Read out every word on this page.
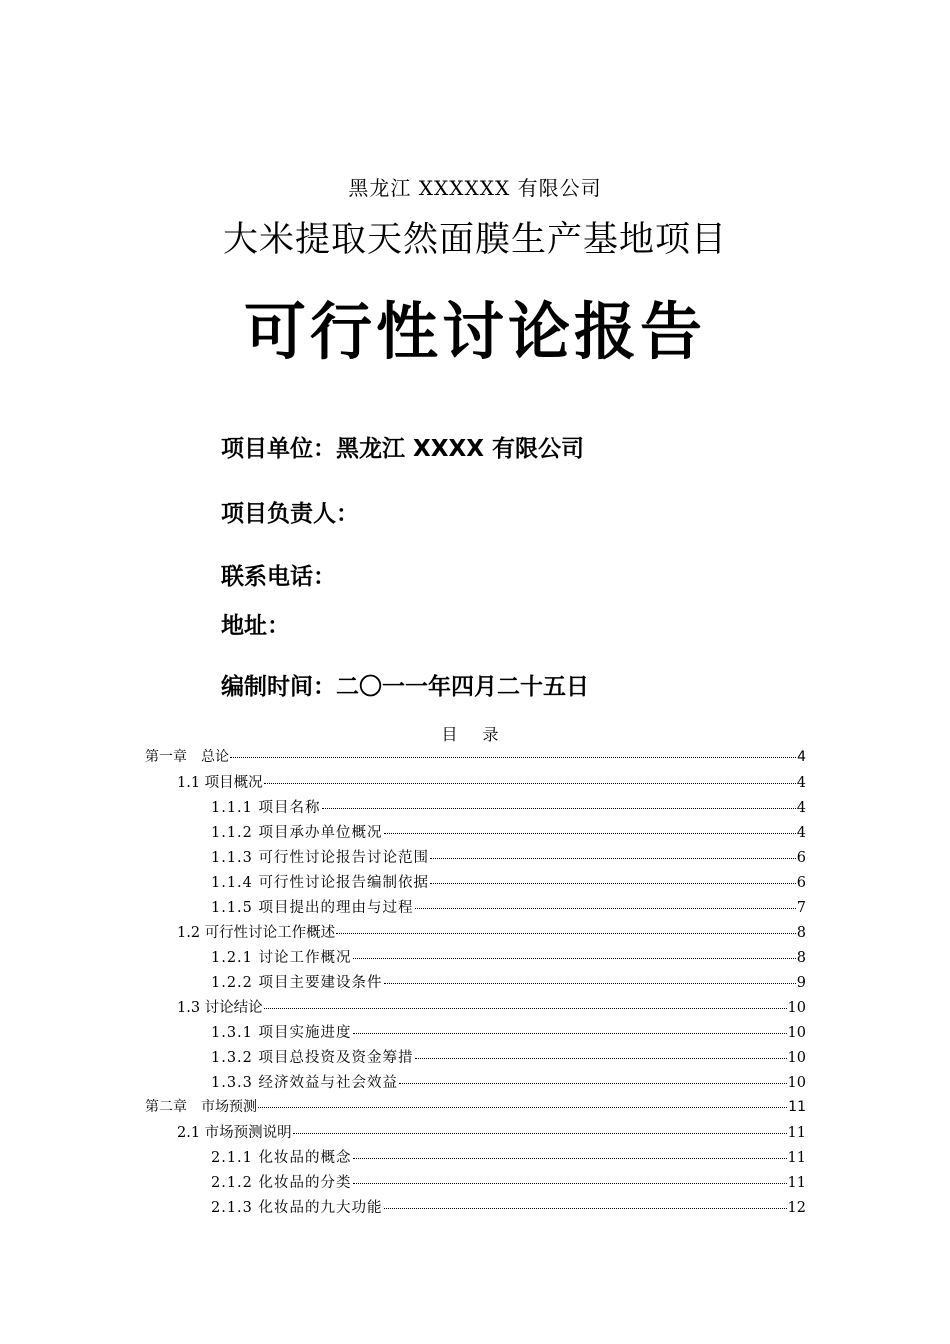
黑龙江 XXXXXX 有限公司
大米提取天然面膜生产基地项目
可行性讨论报告
项目单位：黑龙江 XXXX 有限公司
项目负责人：
联系电话：
地址：
编制时间：二〇一一年四月二十五日
目 录
第一章　总论	4
1.1 项目概况	4
1.1.1 项目名称	4
1.1.2 项目承办单位概况	4
1.1.3 可行性讨论报告讨论范围	6
1.1.4 可行性讨论报告编制依据	6
1.1.5 项目提出的理由与过程	7
1.2 可行性讨论工作概述	8
1.2.1 讨论工作概况	8
1.2.2 项目主要建设条件	9
1.3 讨论结论	10
1.3.1 项目实施进度	10
1.3.2 项目总投资及资金筹措	10
1.3.3 经济效益与社会效益	10
第二章　市场预测	11
2.1 市场预测说明	11
2.1.1 化妆品的概念	11
2.1.2 化妆品的分类	11
2.1.3 化妆品的九大功能	12
